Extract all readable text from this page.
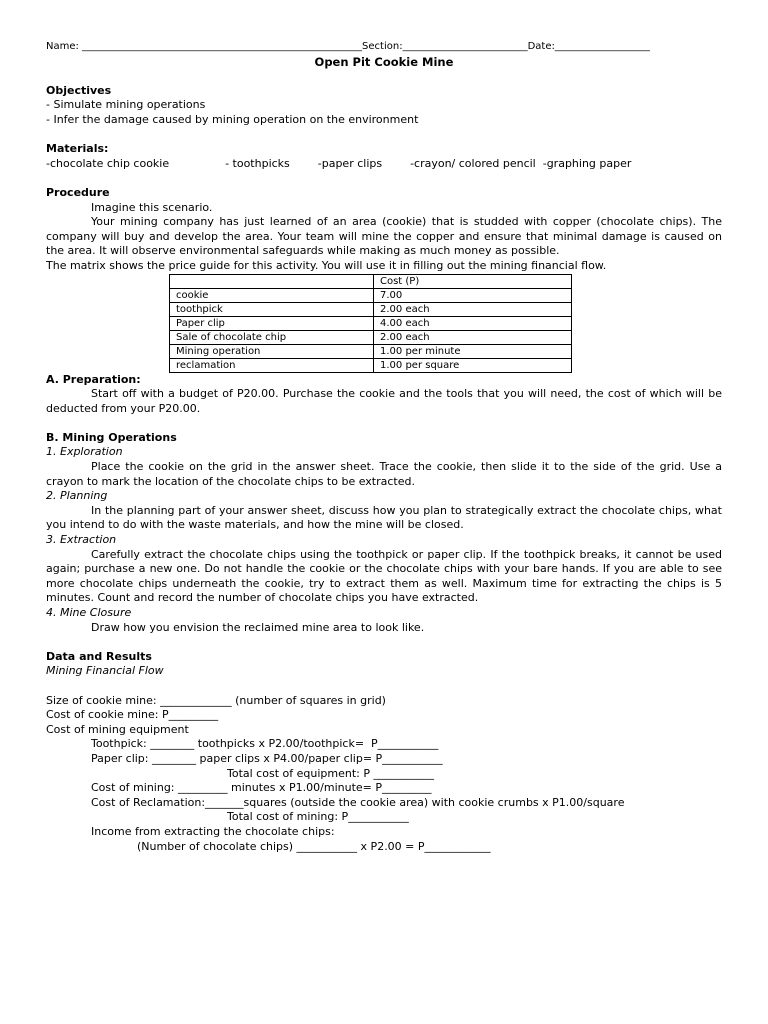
Name: ________________________________________________________Section:_________________________Date:___________________
Open Pit Cookie Mine
Objectives
- Simulate mining operations
- Infer the damage caused by mining operation on the environment
Materials:
-chocolate chip cookie                - toothpicks        -paper clips        -crayon/ colored pencil  -graphing paper
Procedure
Imagine this scenario.
Your mining company has just learned of an area (cookie) that is studded with copper (chocolate chips). The company will buy and develop the area. Your team will mine the copper and ensure that minimal damage is caused on the area. It will observe environmental safeguards while making as much money as possible.
The matrix shows the price guide for this activity. You will use it in filling out the mining financial flow.
	Cost (P)
cookie	7.00
toothpick	2.00 each
Paper clip	4.00 each
Sale of chocolate chip	2.00 each
Mining operation	1.00 per minute
reclamation	1.00 per square
A. Preparation:
Start off with a budget of P20.00. Purchase the cookie and the tools that you will need, the cost of which will be deducted from your P20.00.
B. Mining Operations
1. Exploration
Place the cookie on the grid in the answer sheet. Trace the cookie, then slide it to the side of the grid. Use a crayon to mark the location of the chocolate chips to be extracted.
2. Planning
In the planning part of your answer sheet, discuss how you plan to strategically extract the chocolate chips, what you intend to do with the waste materials, and how the mine will be closed.
3. Extraction
Carefully extract the chocolate chips using the toothpick or paper clip. If the toothpick breaks, it cannot be used again; purchase a new one. Do not handle the cookie or the chocolate chips with your bare hands. If you are able to see more chocolate chips underneath the cookie, try to extract them as well. Maximum time for extracting the chips is 5 minutes. Count and record the number of chocolate chips you have extracted.
4. Mine Closure
Draw how you envision the reclaimed mine area to look like.
Data and Results
Mining Financial Flow
Size of cookie mine: _____________ (number of squares in grid)
Cost of cookie mine: P_________
Cost of mining equipment
Toothpick: ________ toothpicks x P2.00/toothpick=  P___________
Paper clip: ________ paper clips x P4.00/paper clip= P___________
Total cost of equipment: P ___________
Cost of mining: _________ minutes x P1.00/minute= P_________
Cost of Reclamation:_______squares (outside the cookie area) with cookie crumbs x P1.00/square
Total cost of mining: P___________
Income from extracting the chocolate chips:
(Number of chocolate chips) ___________ x P2.00 = P____________
